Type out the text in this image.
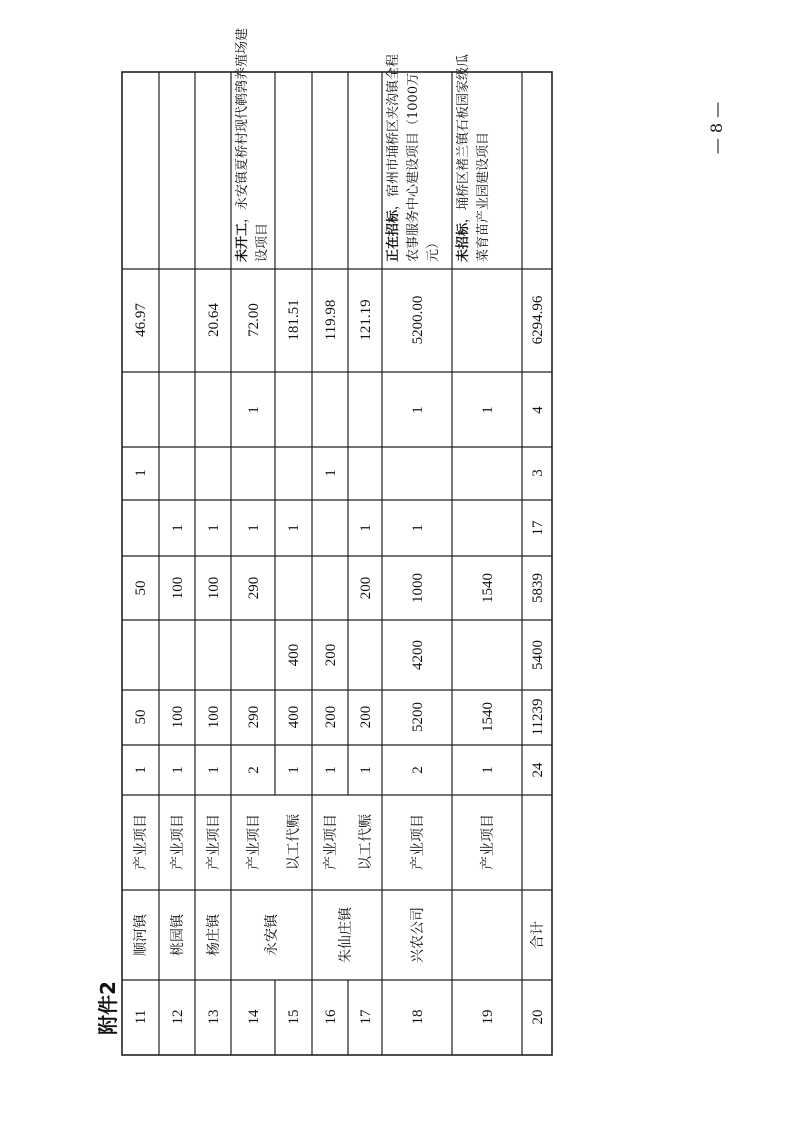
附件2
— 8 —
11
顺河镇
产业项目
1
50
50
1
46.97
12
桃园镇
产业项目
1
100
100
1
13
杨庄镇
产业项目
1
100
100
1
20.64
14
永安镇
产业项目
2
290
290
1
1
72.00
未开工，永安镇夏桥村现代鹌鹑养殖场建设项目
15
以工代赈
1
400
400
1
181.51
16
朱仙庄镇
产业项目
1
200
200
1
119.98
17
以工代赈
1
200
200
1
121.19
18
兴农公司
产业项目
2
5200
4200
1000
1
1
5200.00
19
产业项目
1
1540
1540
1
20
合计
24
11239
5400
5839
17
3
4
6294.96
正在招标，宿州市埇桥区夹沟镇全程 农事服务中心建设项目（1000万 元） 未招标，埇桥区褚兰镇石板园家级瓜 菜育苗产业园建设项目
